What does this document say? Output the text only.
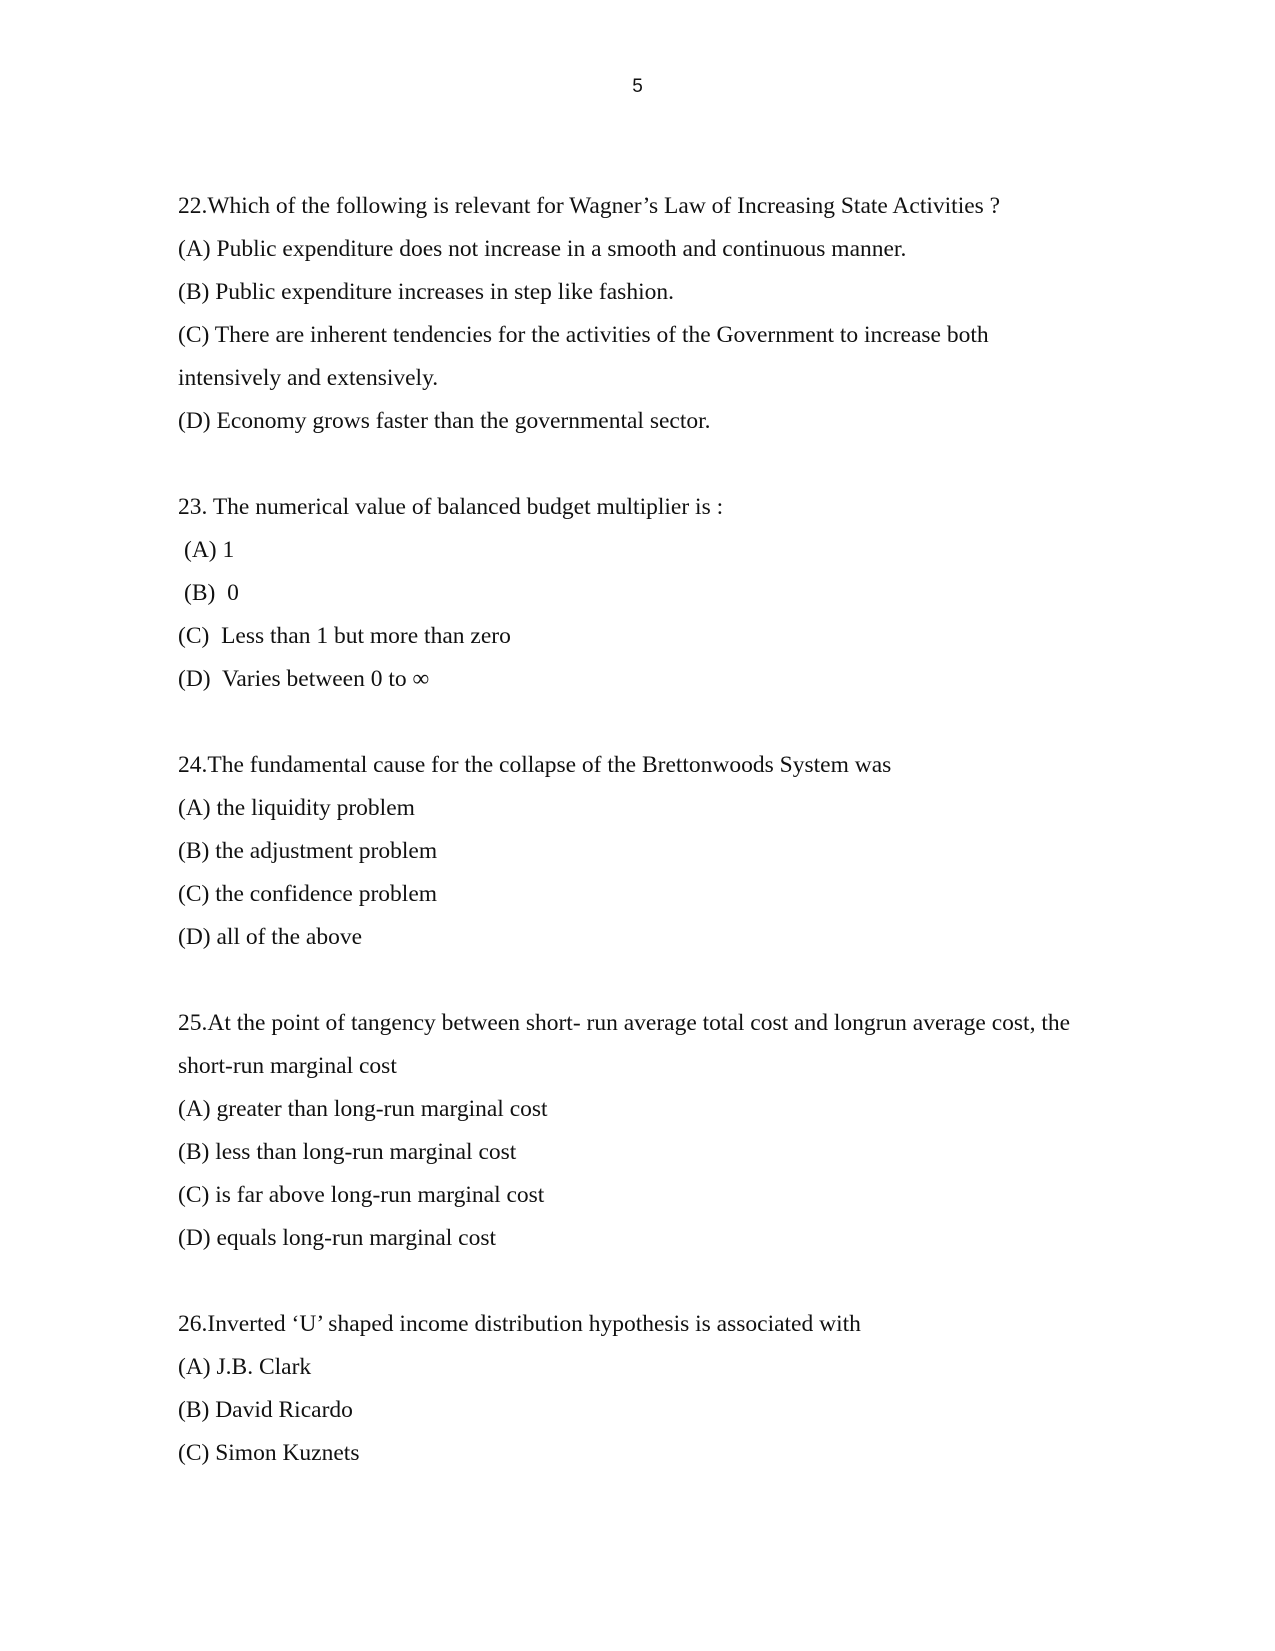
5
22.Which of the following is relevant for Wagner’s Law of Increasing State Activities ?
(A) Public expenditure does not increase in a smooth and continuous manner.
(B) Public expenditure increases in step like fashion.
(C) There are inherent tendencies for the activities of the Government to increase both intensively and extensively.
(D) Economy grows faster than the governmental sector.
23. The numerical value of balanced budget multiplier is :
(A) 1
(B)  0
(C)  Less than 1 but more than zero
(D)  Varies between 0 to ∞
24.The fundamental cause for the collapse of the Brettonwoods System was
(A) the liquidity problem
(B) the adjustment problem
(C) the confidence problem
(D) all of the above
25.At the point of tangency between short- run average total cost and longrun average cost, the short-run marginal cost
(A) greater than long-run marginal cost
(B) less than long-run marginal cost
(C) is far above long-run marginal cost
(D) equals long-run marginal cost
26.Inverted ‘U’ shaped income distribution hypothesis is associated with
(A) J.B. Clark
(B) David Ricardo
(C) Simon Kuznets
